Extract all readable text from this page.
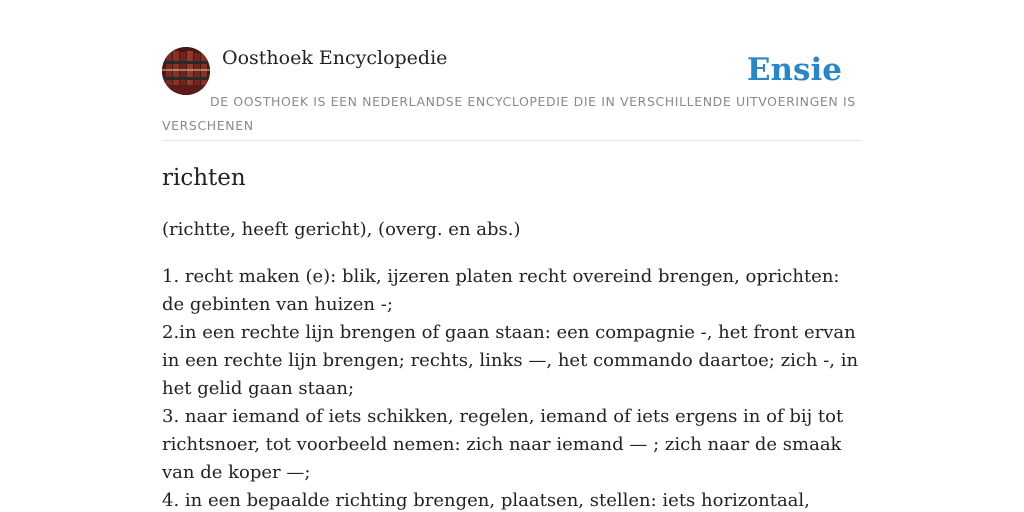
Oosthoek Encyclopedie	Ensie
DE OOSTHOEK IS EEN NEDERLANDSE ENCYCLOPEDIE DIE IN VERSCHILLENDE UITVOERINGEN IS VERSCHENEN
richten

(richtte, heeft gericht), (overg. en abs.)

1. recht maken (e): blik, ijzeren platen recht overeind brengen, oprichten: de gebinten van huizen -;
2.in een rechte lijn brengen of gaan staan: een compagnie -, het front ervan in een rechte lijn brengen; rechts, links —, het commando daartoe; zich -, in het gelid gaan staan;
3. naar iemand of iets schikken, regelen, iemand of iets ergens in of bij tot richtsnoer, tot voorbeeld nemen: zich naar iemand — ; zich naar de smaak van de koper —;
4. in een bepaalde richting brengen, plaatsen, stellen: iets horizontaal,
